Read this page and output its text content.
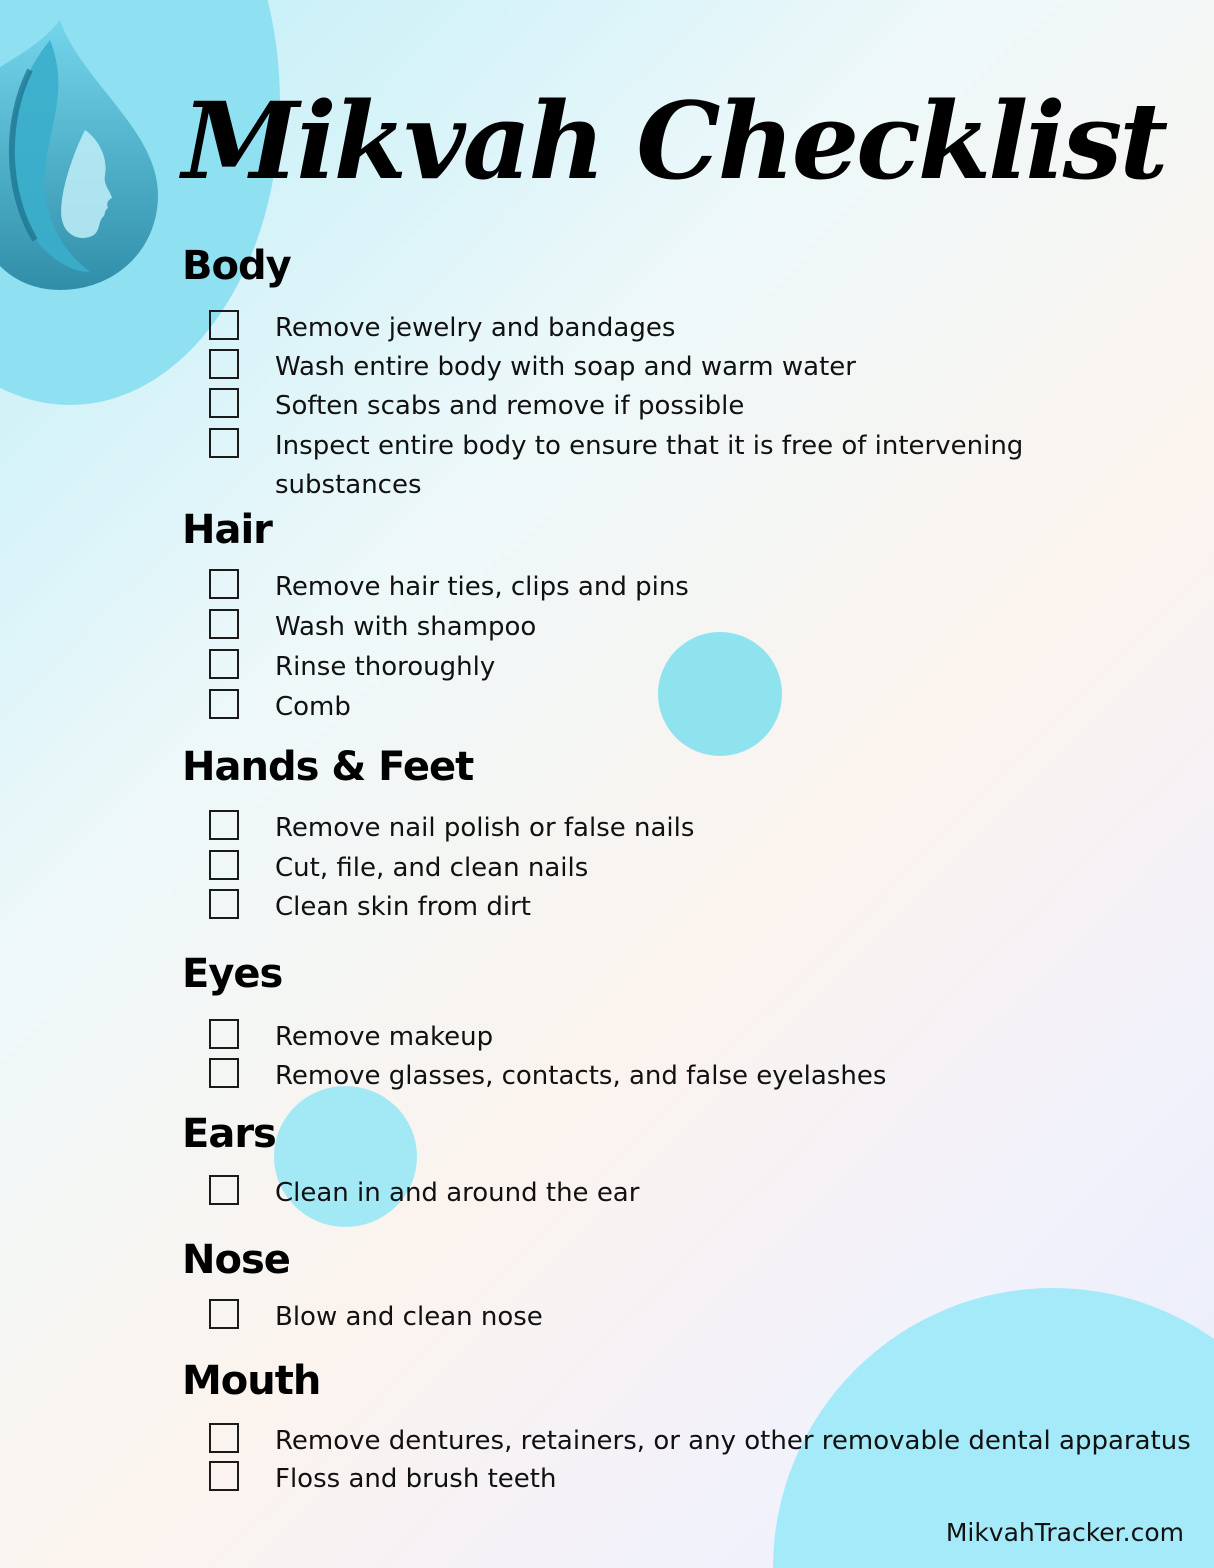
Mikvah Checklist
Body
Remove jewelry and bandages
Wash entire body with soap and warm water
Soften scabs and remove if possible
Inspect entire body to ensure that it is free of intervening substances
Hair
Remove hair ties, clips and pins
Wash with shampoo
Rinse thoroughly
Comb
Hands & Feet
Remove nail polish or false nails
Cut, file, and clean nails
Clean skin from dirt
Eyes
Remove makeup
Remove glasses, contacts, and false eyelashes
Ears
Clean in and around the ear
Nose
Blow and clean nose
Mouth
Remove dentures, retainers, or any other removable dental apparatus
Floss and brush teeth
MikvahTracker.com
